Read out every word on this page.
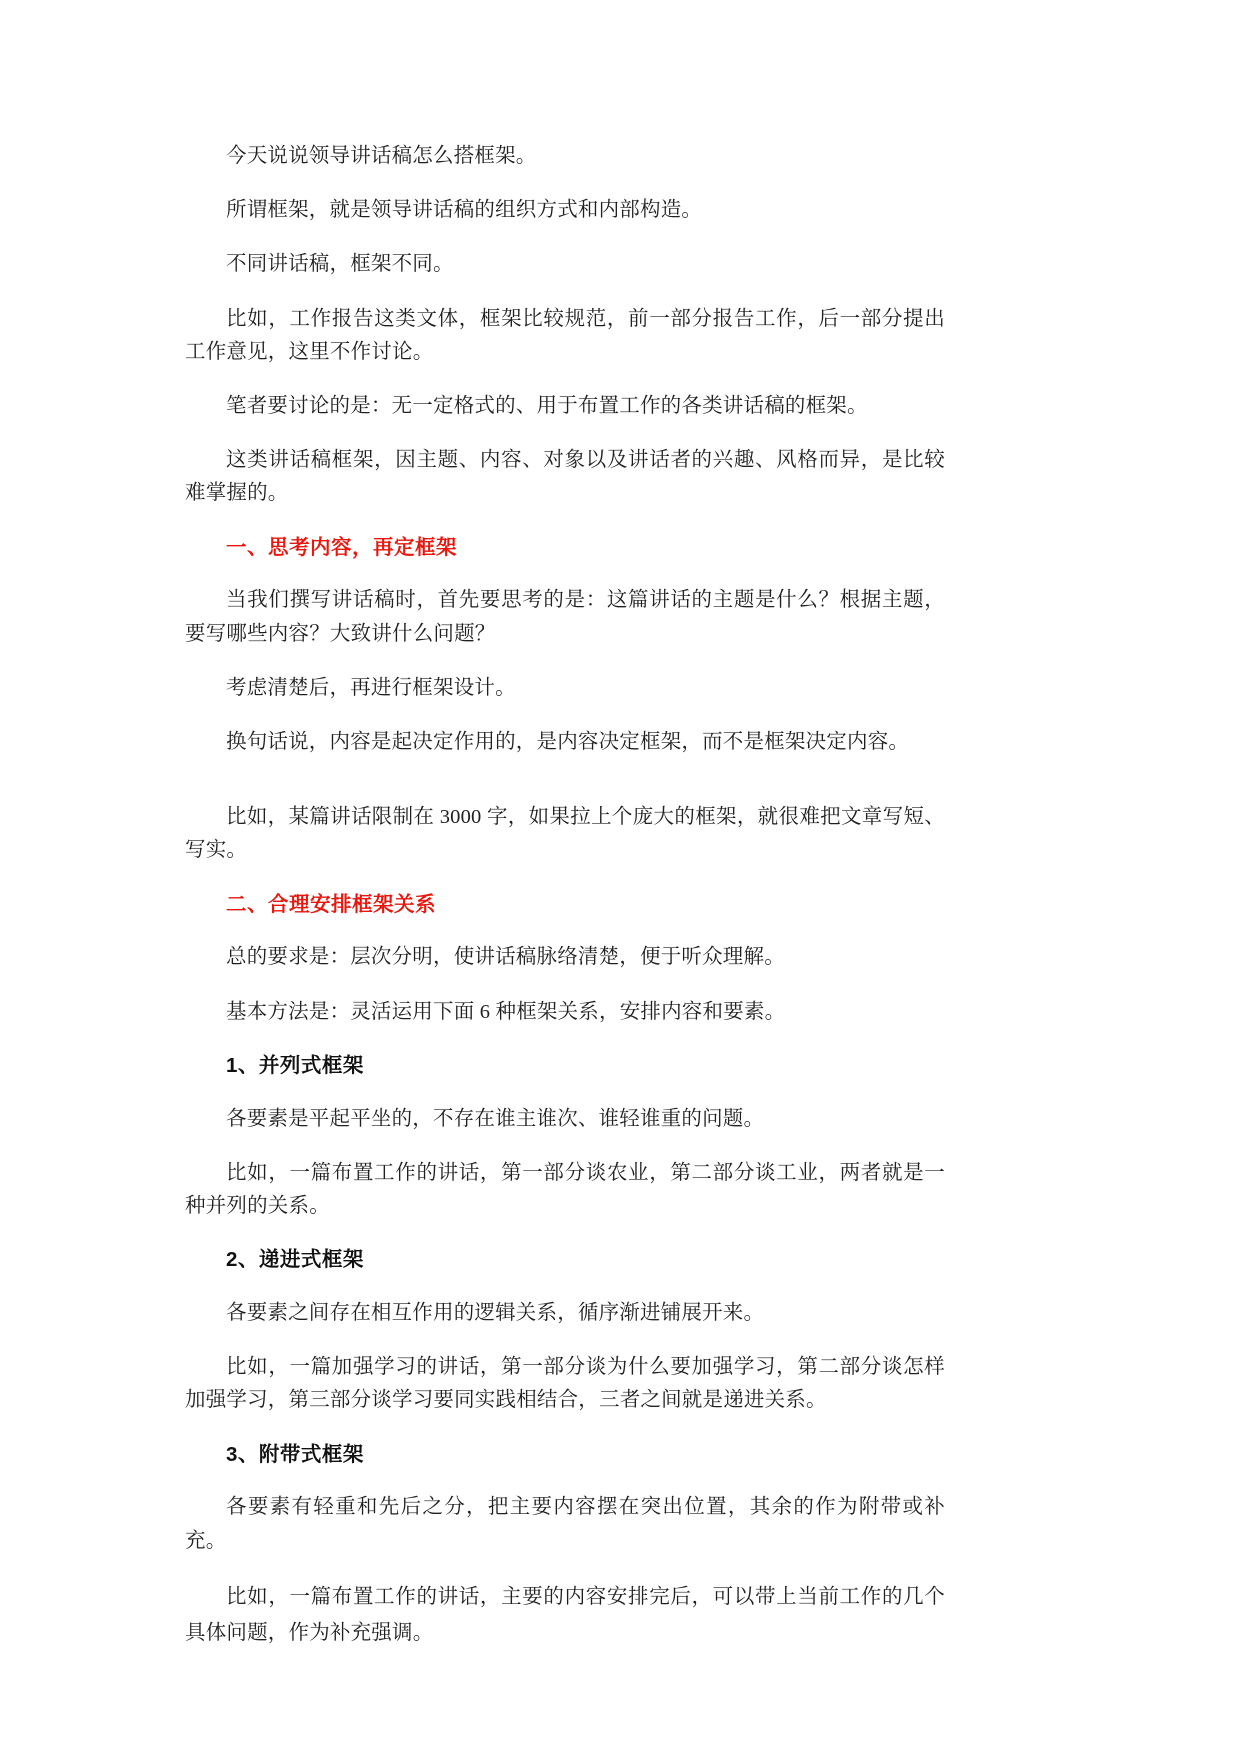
今天说说领导讲话稿怎么搭框架。

所谓框架，就是领导讲话稿的组织方式和内部构造。

不同讲话稿，框架不同。

比如，工作报告这类文体，框架比较规范，前一部分报告工作，后一部分提出工作意见，这里不作讨论。

笔者要讨论的是：无一定格式的、用于布置工作的各类讲话稿的框架。

这类讲话稿框架，因主题、内容、对象以及讲话者的兴趣、风格而异，是比较难掌握的。

一、思考内容，再定框架

当我们撰写讲话稿时，首先要思考的是：这篇讲话的主题是什么？根据主题，要写哪些内容？大致讲什么问题？

考虑清楚后，再进行框架设计。

换句话说，内容是起决定作用的，是内容决定框架，而不是框架决定内容。

比如，某篇讲话限制在 3000 字，如果拉上个庞大的框架，就很难把文章写短、写实。

二、合理安排框架关系

总的要求是：层次分明，使讲话稿脉络清楚，便于听众理解。

基本方法是：灵活运用下面 6 种框架关系，安排内容和要素。

1、并列式框架

各要素是平起平坐的，不存在谁主谁次、谁轻谁重的问题。

比如，一篇布置工作的讲话，第一部分谈农业，第二部分谈工业，两者就是一种并列的关系。

2、递进式框架

各要素之间存在相互作用的逻辑关系，循序渐进铺展开来。

比如，一篇加强学习的讲话，第一部分谈为什么要加强学习，第二部分谈怎样加强学习，第三部分谈学习要同实践相结合，三者之间就是递进关系。

3、附带式框架

各要素有轻重和先后之分，把主要内容摆在突出位置，其余的作为附带或补充。

比如，一篇布置工作的讲话，主要的内容安排完后，可以带上当前工作的几个具体问题，作为补充强调。
